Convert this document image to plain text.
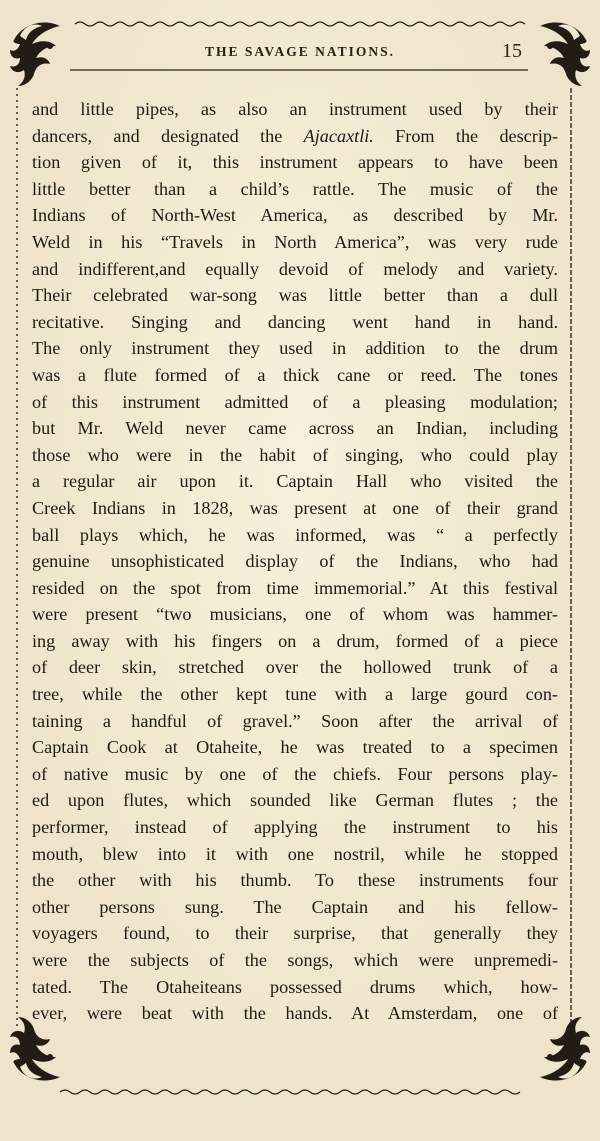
THE SAVAGE NATIONS.	15
and little pipes, as also an instrument used by their
dancers, and designated the Ajacaxtli. From the descrip-
tion given of it, this instrument appears to have been
little better than a child’s rattle. The music of the
Indians of North-West America, as described by Mr.
Weld in his “Travels in North America”, was very rude
and indifferent,and equally devoid of melody and variety.
Their celebrated war-song was little better than a dull
recitative. Singing and dancing went hand in hand.
The only instrument they used in addition to the drum
was a flute formed of a thick cane or reed. The tones
of this instrument admitted of a pleasing modulation;
but Mr. Weld never came across an Indian, including
those who were in the habit of singing, who could play
a regular air upon it. Captain Hall who visited the
Creek Indians in 1828, was present at one of their grand
ball plays which, he was informed, was “ a perfectly
genuine unsophisticated display of the Indians, who had
resided on the spot from time immemorial.” At this festival
were present “two musicians, one of whom was hammer-
ing away with his fingers on a drum, formed of a piece
of deer skin, stretched over the hollowed trunk of a
tree, while the other kept tune with a large gourd con-
taining a handful of gravel.” Soon after the arrival of
Captain Cook at Otaheite, he was treated to a specimen
of native music by one of the chiefs. Four persons play-
ed upon flutes, which sounded like German flutes ; the
performer, instead of applying the instrument to his
mouth, blew into it with one nostril, while he stopped
the other with his thumb. To these instruments four
other persons sung. The Captain and his fellow-
voyagers found, to their surprise, that generally they
were the subjects of the songs, which were unpremedi-
tated. The Otaheiteans possessed drums which, how-
ever, were beat with the hands. At Amsterdam, one of
